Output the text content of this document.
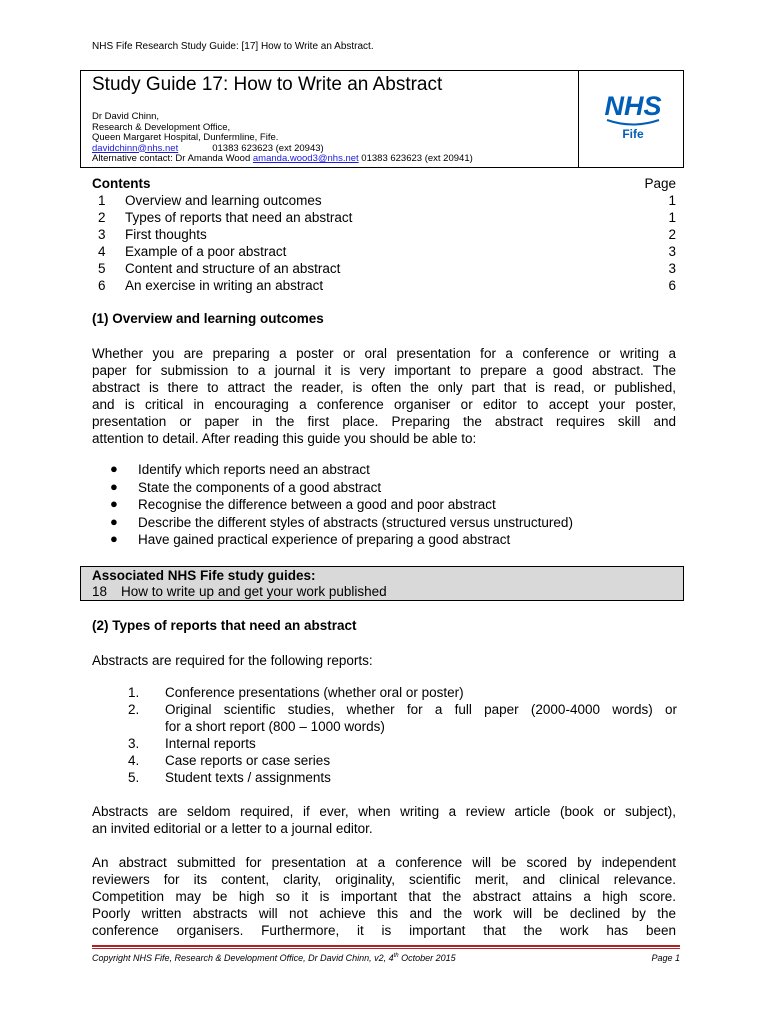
NHS Fife Research Study Guide: [17] How to Write an Abstract.
Study Guide 17: How to Write an Abstract
Dr David Chinn,
Research & Development Office,
Queen Margaret Hospital, Dunfermline, Fife.
davidchinn@nhs.net	01383 623623 (ext 20943)
Alternative contact: Dr Amanda Wood amanda.wood3@nhs.net 01383 623623 (ext 20941)
NHS
Fife
Contents	Page
1	Overview and learning outcomes	1
2	Types of reports that need an abstract	1
3	First thoughts	2
4	Example of a poor abstract	3
5	Content and structure of an abstract	3
6	An exercise in writing an abstract	6
(1) Overview and learning outcomes
Whether you are preparing a poster or oral presentation for a conference or writing a
paper for submission to a journal it is very important to prepare a good abstract. The
abstract is there to attract the reader, is often the only part that is read, or published,
and is critical in encouraging a conference organiser or editor to accept your poster,
presentation or paper in the first place. Preparing the abstract requires skill and
attention to detail. After reading this guide you should be able to:
● Identify which reports need an abstract
● State the components of a good abstract
● Recognise the difference between a good and poor abstract
● Describe the different styles of abstracts (structured versus unstructured)
● Have gained practical experience of preparing a good abstract
Associated NHS Fife study guides:
18 How to write up and get your work published
(2) Types of reports that need an abstract
Abstracts are required for the following reports:
1. Conference presentations (whether oral or poster)
2. Original scientific studies, whether for a full paper (2000-4000 words) or
for a short report (800 – 1000 words)
3. Internal reports
4. Case reports or case series
5. Student texts / assignments
Abstracts are seldom required, if ever, when writing a review article (book or subject),
an invited editorial or a letter to a journal editor.
An abstract submitted for presentation at a conference will be scored by independent
reviewers for its content, clarity, originality, scientific merit, and clinical relevance.
Competition may be high so it is important that the abstract attains a high score.
Poorly written abstracts will not achieve this and the work will be declined by the
conference organisers. Furthermore, it is important that the work has been
Copyright NHS Fife, Research & Development Office, Dr David Chinn, v2, 4th October 2015	Page 1
